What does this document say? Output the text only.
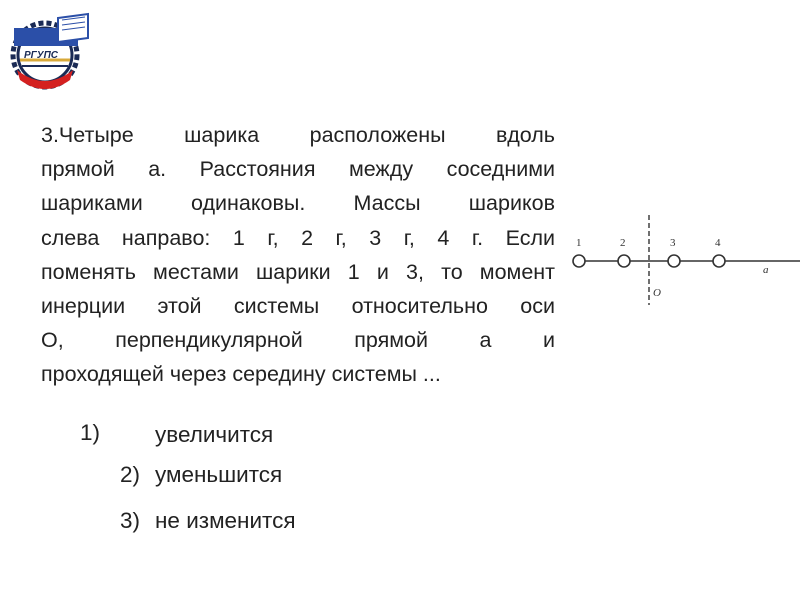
РГУПС
3.Четыре шарика расположены вдоль
прямой а. Расстояния между соседними
шариками одинаковы. Массы шариков
слева направо: 1 г, 2 г, 3 г, 4 г. Если
поменять местами шарики 1 и 3, то момент
инерции этой системы относительно оси
О, перпендикулярной прямой а и
проходящей через середину системы ...
1	2	3	4
O
a
1) увеличится
2) уменьшится
3) не изменится
